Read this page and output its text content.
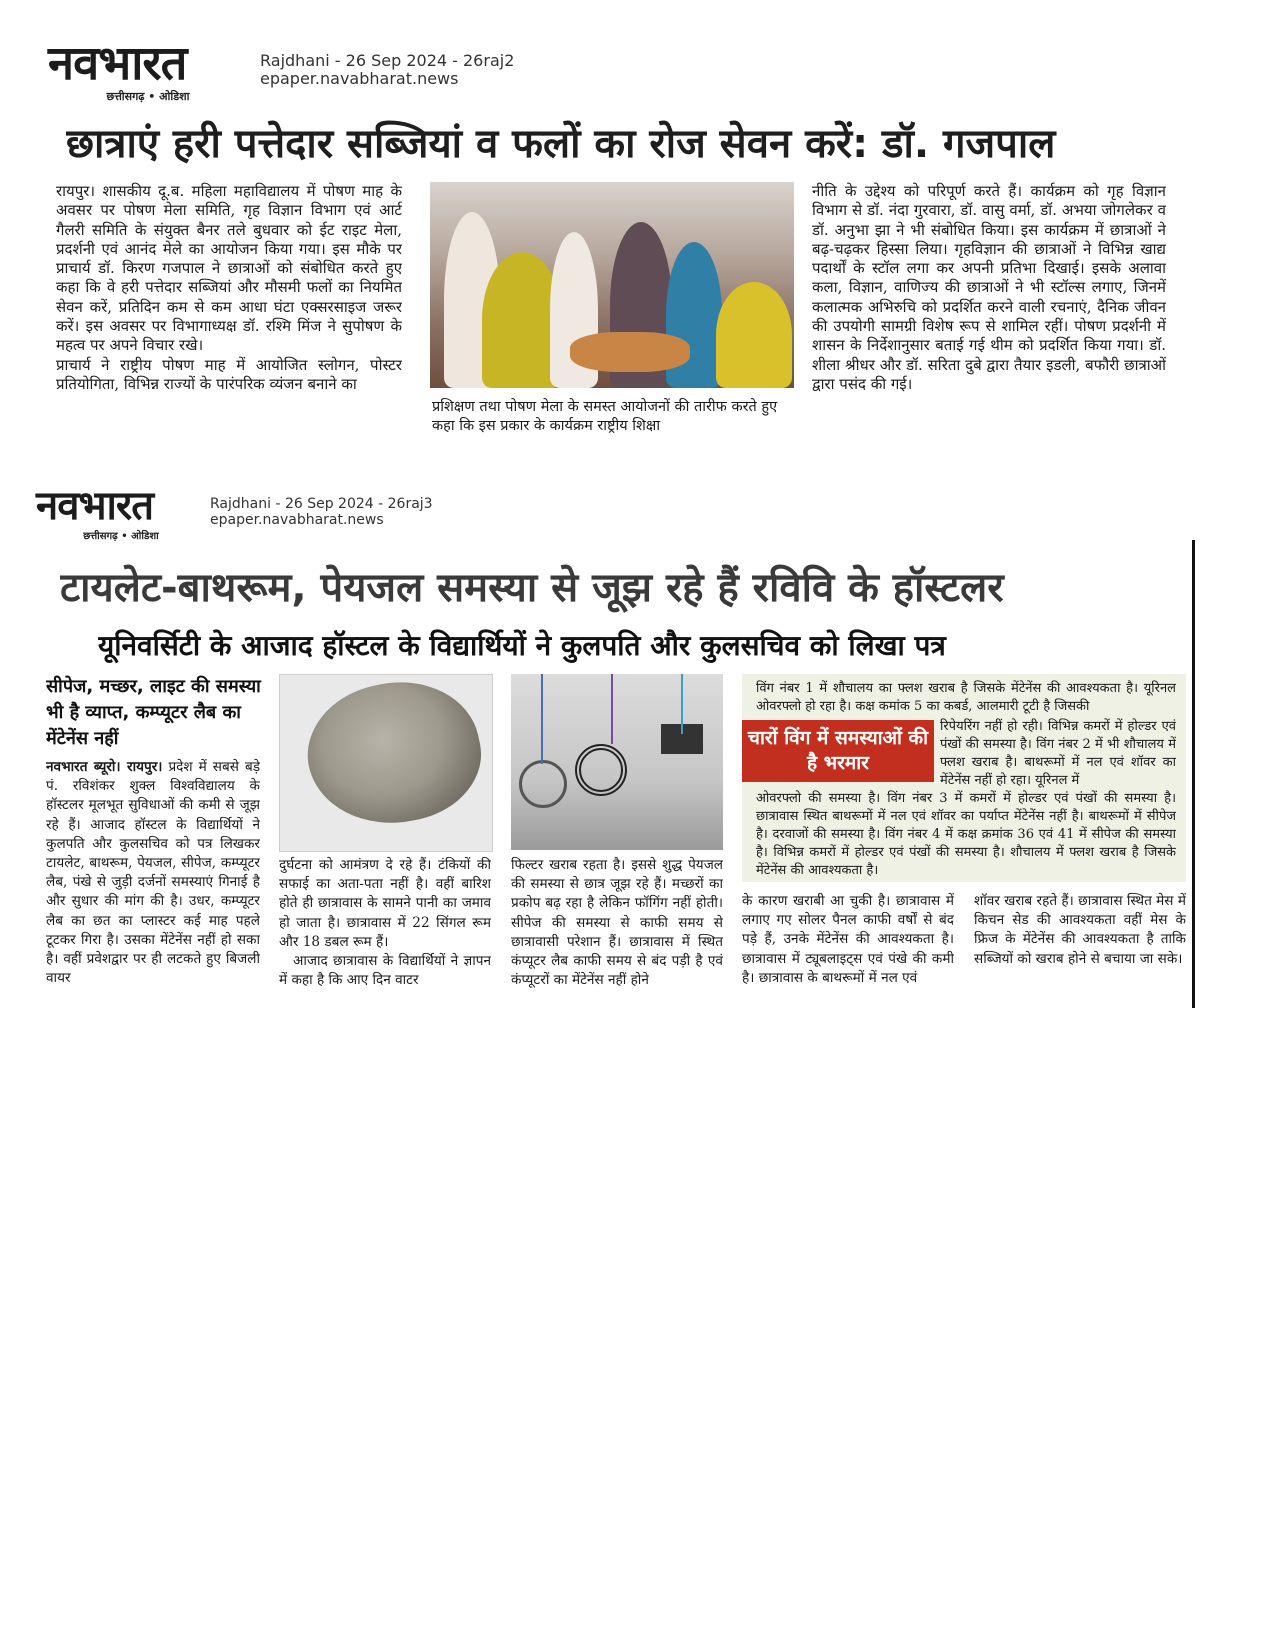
नवभारत
छत्तीसगढ़ • ओडिशा
Rajdhani - 26 Sep 2024 - 26raj2
epaper.navabharat.news
छात्राएं हरी पत्तेदार सब्जियां व फलों का रोज सेवन करें: डॉ. गजपाल

रायपुर। शासकीय दू.ब. महिला महाविद्यालय में पोषण माह के अवसर पर पोषण मेला समिति, गृह विज्ञान विभाग एवं आर्ट गैलरी समिति के संयुक्त बैनर तले बुधवार को ईट राइट मेला, प्रदर्शनी एवं आनंद मेले का आयोजन किया गया। इस मौके पर प्राचार्य डॉ. किरण गजपाल ने छात्राओं को संबोधित करते हुए कहा कि वे हरी पत्तेदार सब्जियां और मौसमी फलों का नियमित सेवन करें, प्रतिदिन कम से कम आधा घंटा एक्सरसाइज जरूर करें। इस अवसर पर विभागाध्यक्ष डॉ. रश्मि मिंज ने सुपोषण के महत्व पर अपने विचार रखे।

प्राचार्य ने राष्ट्रीय पोषण माह में आयोजित स्लोगन, पोस्टर प्रतियोगिता, विभिन्न राज्यों के पारंपरिक व्यंजन बनाने का

प्रशिक्षण तथा पोषण मेला के समस्त आयोजनों की तारीफ करते हुए कहा कि इस प्रकार के कार्यक्रम राष्ट्रीय शिक्षा
नीति के उद्देश्य को परिपूर्ण करते हैं। कार्यक्रम को गृह विज्ञान विभाग से डॉ. नंदा गुरवारा, डॉ. वासु वर्मा, डॉ. अभया जोगलेकर व डॉ. अनुभा झा ने भी संबोधित किया। इस कार्यक्रम में छात्राओं ने बढ़-चढ़कर हिस्सा लिया। गृहविज्ञान की छात्राओं ने विभिन्न खाद्य पदार्थों के स्टॉल लगा कर अपनी प्रतिभा दिखाई। इसके अलावा कला, विज्ञान, वाणिज्य की छात्राओं ने भी स्टॉल्स लगाए, जिनमें कलात्मक अभिरुचि को प्रदर्शित करने वाली रचनाएं, दैनिक जीवन की उपयोगी सामग्री विशेष रूप से शामिल रहीं। पोषण प्रदर्शनी में शासन के निर्देशानुसार बताई गई थीम को प्रदर्शित किया गया। डॉ. शीला श्रीधर और डॉ. सरिता दुबे द्वारा तैयार इडली, बफौरी छात्राओं द्वारा पसंद की गई।
नवभारत
छत्तीसगढ़ • ओडिशा
Rajdhani - 26 Sep 2024 - 26raj3
epaper.navabharat.news
टायलेट-बाथरूम, पेयजल समस्या से जूझ रहे हैं रविवि के हॉस्टलर
यूनिवर्सिटी के आजाद हॉस्टल के विद्यार्थियों ने कुलपति और कुलसचिव को लिखा पत्र
सीपेज, मच्छर, लाइट की समस्या भी है व्याप्त, कम्प्यूटर लैब का मेंटेनेंस नहीं
नवभारत ब्यूरो। रायपुर। प्रदेश में सबसे बड़े पं. रविशंकर शुक्ल विश्वविद्यालय के हॉस्टलर मूलभूत सुविधाओं की कमी से जूझ रहे हैं। आजाद हॉस्टल के विद्यार्थियों ने कुलपति और कुलसचिव को पत्र लिखकर टायलेट, बाथरूम, पेयजल, सीपेज, कम्प्यूटर लैब, पंखे से जुड़ी दर्जनों समस्याएं गिनाई है और सुधार की मांग की है। उधर, कम्प्यूटर लैब का छत का प्लास्टर कई माह पहले टूटकर गिरा है। उसका मेंटेनेंस नहीं हो सका है। वहीं प्रवेशद्वार पर ही लटकते हुए बिजली वायर

दुर्घटना को आमंत्रण दे रहे हैं। टंकियों की सफाई का अता-पता नहीं है। वहीं बारिश होते ही छात्रावास के सामने पानी का जमाव हो जाता है। छात्रावास में 22 सिंगल रूम और 18 डबल रूम हैं।

आजाद छात्रावास के विद्यार्थियों ने ज्ञापन में कहा है कि आए दिन वाटर

फिल्टर खराब रहता है। इससे शुद्ध पेयजल की समस्या से छात्र जूझ रहे हैं। मच्छरों का प्रकोप बढ़ रहा है लेकिन फॉगिंग नहीं होती। सीपेज की समस्या से काफी समय से छात्रावासी परेशान हैं। छात्रावास में स्थित कंप्यूटर लैब काफी समय से बंद पड़ी है एवं कंप्यूटरों का मेंटेनेंस नहीं होने
विंग नंबर 1 में शौचालय का फ्लश खराब है जिसके मेंटेनेंस की आवश्यकता है। यूरिनल ओवरफ्लो हो रहा है। कक्ष कमांक 5 का कबर्ड, आलमारी टूटी है जिसकी
रिपेयरिंग नहीं हो रही। विभिन्न कमरों में होल्डर एवं पंखों की समस्या है। विंग नंबर 2 में भी शौचालय में फ्लश खराब है। बाथरूमों में नल एवं शॉवर का मेंटेनेंस नहीं हो रहा। यूरिनल में
ओवरफ्लो की समस्या है। विंग नंबर 3 में कमरों में होल्डर एवं पंखों की समस्या है। छात्रावास स्थित बाथरूमों में नल एवं शॉवर का पर्याप्त मेंटेनेंस नहीं है। बाथरूमों में सीपेज है। दरवाजों की समस्या है। विंग नंबर 4 में कक्ष क्रमांक 36 एवं 41 में सीपेज की समस्या है। विभिन्न कमरों में होल्डर एवं पंखों की समस्या है। शौचालय में फ्लश खराब है जिसके मेंटेनेंस की आवश्यकता है।
चारों विंग में समस्याओं की है भरमार
के कारण खराबी आ चुकी है। छात्रावास में लगाए गए सोलर पैनल काफी वर्षों से बंद पड़े हैं, उनके मेंटेनेंस की आवश्यकता है। छात्रावास में ट्यूबलाइट्स एवं पंखे की कमी है। छात्रावास के बाथरूमों में नल एवं
शॉवर खराब रहते हैं। छात्रावास स्थित मेस में किचन सेड की आवश्यकता वहीं मेस के फ्रिज के मेंटेनेंस की आवश्यकता है ताकि सब्जियों को खराब होने से बचाया जा सके।
